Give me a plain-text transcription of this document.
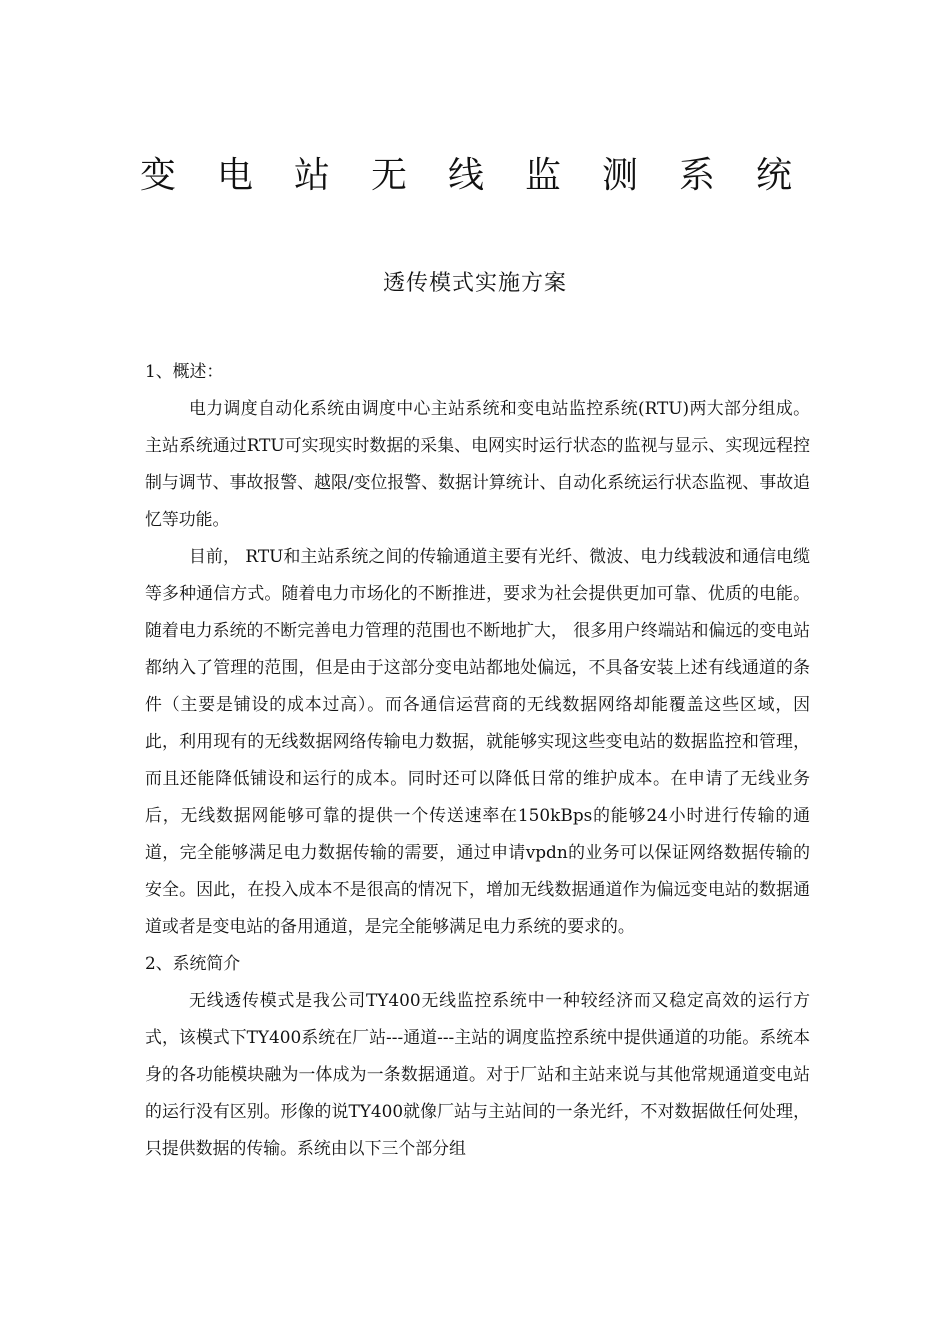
变电站无线监测系统
透传模式实施方案

1、概述：

电力调度自动化系统由调度中心主站系统和变电站监控系统(RTU)两大部分组成。主站系统通过RTU可实现实时数据的采集、电网实时运行状态的监视与显示、实现远程控制与调节、事故报警、越限/变位报警、数据计算统计、自动化系统运行状态监视、事故追忆等功能。

目前， RTU和主站系统之间的传输通道主要有光纤、微波、电力线载波和通信电缆等多种通信方式。随着电力市场化的不断推进，要求为社会提供更加可靠、优质的电能。随着电力系统的不断完善电力管理的范围也不断地扩大， 很多用户终端站和偏远的变电站都纳入了管理的范围，但是由于这部分变电站都地处偏远，不具备安装上述有线通道的条件（主要是铺设的成本过高）。而各通信运营商的无线数据网络却能覆盖这些区域，因此，利用现有的无线数据网络传输电力数据，就能够实现这些变电站的数据监控和管理，而且还能降低铺设和运行的成本。同时还可以降低日常的维护成本。在申请了无线业务后，无线数据网能够可靠的提供一个传送速率在150kBps的能够24小时进行传输的通道，完全能够满足电力数据传输的需要，通过申请vpdn的业务可以保证网络数据传输的安全。因此，在投入成本不是很高的情况下，增加无线数据通道作为偏远变电站的数据通道或者是变电站的备用通道，是完全能够满足电力系统的要求的。

2、系统简介

无线透传模式是我公司TY400无线监控系统中一种较经济而又稳定高效的运行方式，该模式下TY400系统在厂站---通道---主站的调度监控系统中提供通道的功能。系统本身的各功能模块融为一体成为一条数据通道。对于厂站和主站来说与其他常规通道变电站的运行没有区别。形像的说TY400就像厂站与主站间的一条光纤，不对数据做任何处理，只提供数据的传输。系统由以下三个部分组
